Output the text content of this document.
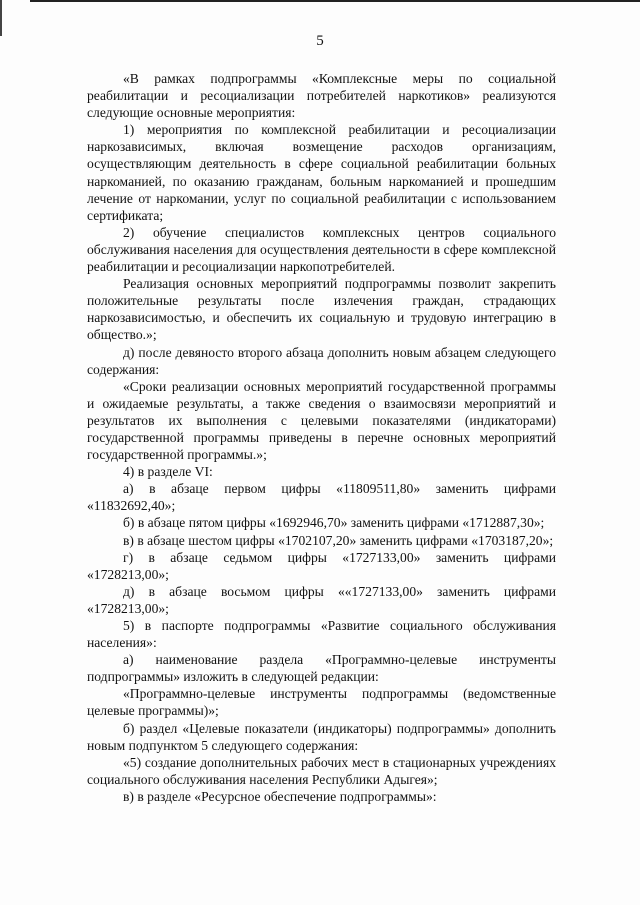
5

«В рамках подпрограммы «Комплексные меры по социальной реабилитации и ресоциализации потребителей наркотиков» реализуются следующие основные мероприятия:

1) мероприятия по комплексной реабилитации и ресоциализации наркозависимых, включая возмещение расходов организациям, осуществляющим деятельность в сфере социальной реабилитации больных наркоманией, по оказанию гражданам, больным наркоманией и прошедшим лечение от наркомании, услуг по социальной реабилитации с использованием сертификата;

2) обучение специалистов комплексных центров социального обслуживания населения для осуществления деятельности в сфере комплексной реабилитации и ресоциализации наркопотребителей.

Реализация основных мероприятий подпрограммы позволит закрепить положительные результаты после излечения граждан, страдающих наркозависимостью, и обеспечить их социальную и трудовую интеграцию в общество.»;

д) после девяносто второго абзаца дополнить новым абзацем следующего содержания:

«Сроки реализации основных мероприятий государственной программы и ожидаемые результаты, а также сведения о взаимосвязи мероприятий и результатов их выполнения с целевыми показателями (индикаторами) государственной программы приведены в перечне основных мероприятий государственной программы.»;

4) в разделе VI:

а) в абзаце первом цифры «11809511,80» заменить цифрами «11832692,40»;

б) в абзаце пятом цифры «1692946,70» заменить цифрами «1712887,30»;

в) в абзаце шестом цифры «1702107,20» заменить цифрами «1703187,20»;

г) в абзаце седьмом цифры «1727133,00» заменить цифрами «1728213,00»;

д) в абзаце восьмом цифры ««1727133,00» заменить цифрами «1728213,00»;

5) в паспорте подпрограммы «Развитие социального обслуживания населения»:

а) наименование раздела «Программно-целевые инструменты подпрограммы» изложить в следующей редакции:

«Программно-целевые инструменты подпрограммы (ведомственные целевые программы)»;

б) раздел «Целевые показатели (индикаторы) подпрограммы» дополнить новым подпунктом 5 следующего содержания:

«5) создание дополнительных рабочих мест в стационарных учреждениях социального обслуживания населения Республики Адыгея»;

в) в разделе «Ресурсное обеспечение подпрограммы»:
